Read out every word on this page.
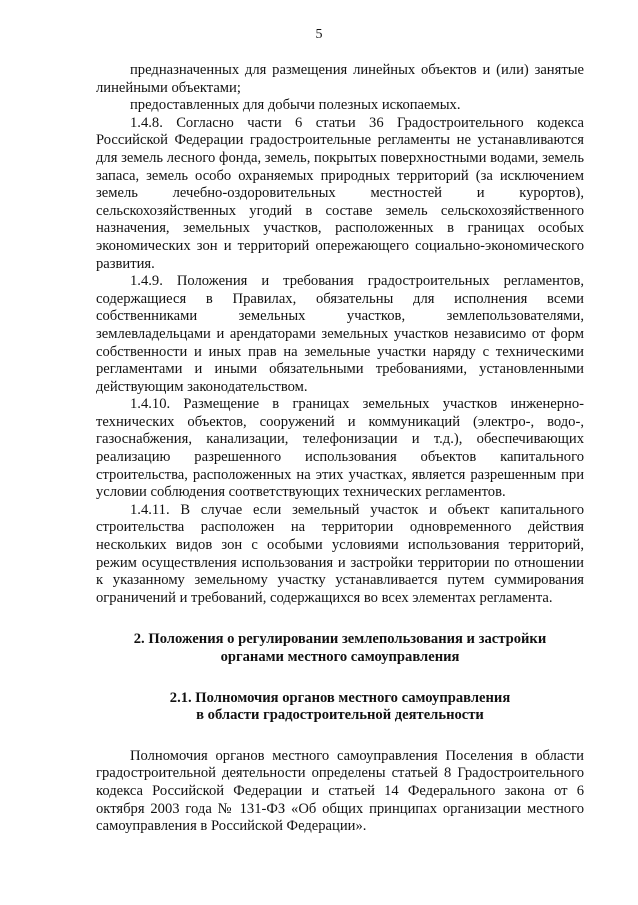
5

предназначенных для размещения линейных объектов и (или) занятые линейными объектами;

предоставленных для добычи полезных ископаемых.

1.4.8. Согласно части 6 статьи 36 Градостроительного кодекса Российской Федерации градостроительные регламенты не устанавливаются для земель лесного фонда, земель, покрытых поверхностными водами, земель запаса, земель особо охраняемых природных территорий (за исключением земель лечебно-оздоровительных местностей и курортов), сельскохозяйственных угодий в составе земель сельскохозяйственного назначения, земельных участков, расположенных в границах особых экономических зон и территорий опережающего социально-экономического развития.

1.4.9. Положения и требования градостроительных регламентов, содержащиеся в Правилах, обязательны для исполнения всеми собственниками земельных участков, землепользователями, землевладельцами и арендаторами земельных участков независимо от форм собственности и иных прав на земельные участки наряду с техническими регламентами и иными обязательными требованиями, установленными действующим законодательством.

1.4.10. Размещение в границах земельных участков инженерно-технических объектов, сооружений и коммуникаций (электро-, водо-, газоснабжения, канализации, телефонизации и т.д.), обеспечивающих реализацию разрешенного использования объектов капитального строительства, расположенных на этих участках, является разрешенным при условии соблюдения соответствующих технических регламентов.

1.4.11. В случае если земельный участок и объект капитального строительства расположен на территории одновременного действия нескольких видов зон с особыми условиями использования территорий, режим осуществления использования и застройки территории по отношении к указанному земельному участку устанавливается путем суммирования ограничений и требований, содержащихся во всех элементах регламента.

2. Положения о регулировании землепользования и застройки
органами местного самоуправления
2.1. Полномочия органов местного самоуправления
в области градостроительной деятельности

Полномочия органов местного самоуправления Поселения в области градостроительной деятельности определены статьей 8 Градостроительного кодекса Российской Федерации и статьей 14 Федерального закона от 6 октября 2003 года № 131-ФЗ «Об общих принципах организации местного самоуправления в Российской Федерации».
